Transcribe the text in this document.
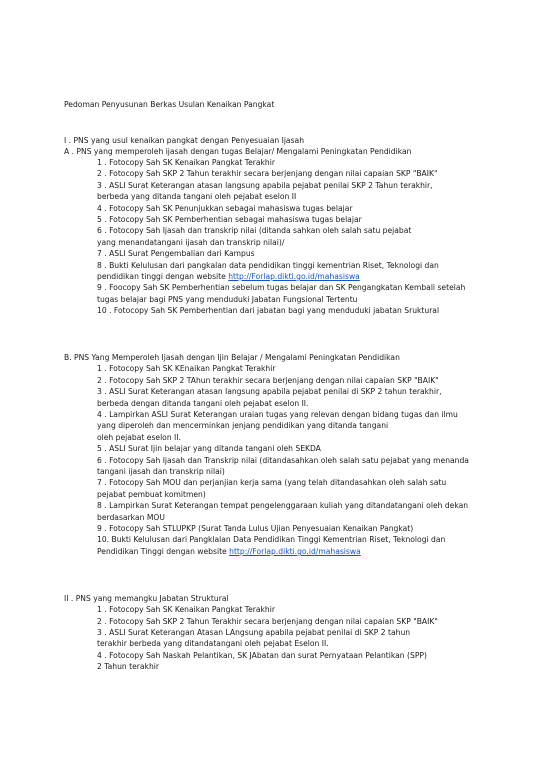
Pedoman Penyusunan Berkas Usulan Kenaikan Pangkat
I . PNS yang usul kenaikan pangkat dengan Penyesuaian Ijasah
A . PNS yang memperoleh ijasah dengan tugas Belajar/ Mengalami Peningkatan Pendidikan
1 . Fotocopy Sah SK Kenaikan Pangkat Terakhir
2 . Fotocopy Sah SKP 2 Tahun terakhir secara berjenjang dengan nilai capaian SKP "BAIK"
3 . ASLI Surat Keterangan atasan langsung apabila pejabat penilai SKP 2 Tahun terakhir,
berbeda yang ditanda tangani oleh pejabat eselon II
4 . Fotocopy Sah SK Penunjukkan sebagai mahasiswa tugas belajar
5 . Fotocopy Sah SK Pemberhentian sebagai mahasiswa tugas belajar
6 . Fotocopy Sah Ijasah dan transkrip nilai (ditanda sahkan oleh salah satu pejabat
yang menandatangani ijasah dan transkrip nilai)/
7 . ASLI Surat Pengembalian dari Kampus
8 . Bukti Kelulusan dari pangkalan data pendidikan tinggi kementrian Riset, Teknologi dan
pendidikan tinggi dengan website http://Forlap.dikti.go.id/mahasiswa
9 . Foocopy Sah SK Pemberhentian sebelum tugas belajar dan SK Pengangkatan Kembali setelah
tugas belajar bagi PNS yang menduduki Jabatan Fungsional Tertentu
10 . Fotocopy Sah SK Pemberhentian dari jabatan bagi yang menduduki jabatan Sruktural
B. PNS Yang Memperoleh Ijasah dengan Ijin Belajar / Mengalami Peningkatan Pendidikan
1 . Fotocopy Sah SK KEnaikan Pangkat Terakhir
2 . Fotocopy Sah SKP 2 TAhun terakhir secara berjenjang dengan nilai capaian SKP "BAIK"
3 . ASLI Surat Keterangan atasan langsung apabila pejabat penilai di SKP 2 tahun terakhir,
berbeda dengan ditanda tangani oleh pejabat eselon II.
4 . Lampirkan ASLI Surat Keterangan uraian tugas yang relevan dengan bidang tugas dan ilmu
yang diperoleh dan mencerminkan jenjang pendidikan yang ditanda tangani
oleh pejabat eselon II.
5 . ASLI Surat Ijin belajar yang ditanda tangani oleh SEKDA
6 . Fotocopy Sah Ijasah dan Transkrip nilai (ditandasahkan oleh salah satu pejabat yang menanda
tangani ijasah dan transkrip nilai)
7 . Fotocopy Sah MOU dan perjanjian kerja sama (yang telah ditandasahkan oleh salah satu
pejabat pembuat komitmen)
8 . Lampirkan Surat Keterangan tempat pengelenggaraan kuliah yang ditandatangani oleh dekan
berdasarkan MOU
9 . Fotocopy Sah STLUPKP (Surat Tanda Lulus Ujian Penyesuaian Kenaikan Pangkat)
10. Bukti Kelulusan dari Pangklalan Data Pendidikan Tinggi Kementrian Riset, Teknologi dan
Pendidikan Tinggi dengan website http://Forlap.dikti.go.id/mahasiswa
II . PNS yang memangku Jabatan Struktural
1 . Fotocopy Sah SK Kenaikan Pangkat Terakhir
2 . Fotocopy Sah SKP 2 Tahun Terakhir secara berjenjang dengan nilai capaian SKP "BAIK"
3 . ASLI Surat Keterangan Atasan LAngsung apabila pejabat penilai di SKP 2 tahun
terakhir berbeda yang ditandatangani oleh pejabat Eselon II.
4 . Fotocopy Sah Naskah Pelantikan, SK JAbatan dan surat Pernyataan Pelantikan (SPP)
2 Tahun terakhir
